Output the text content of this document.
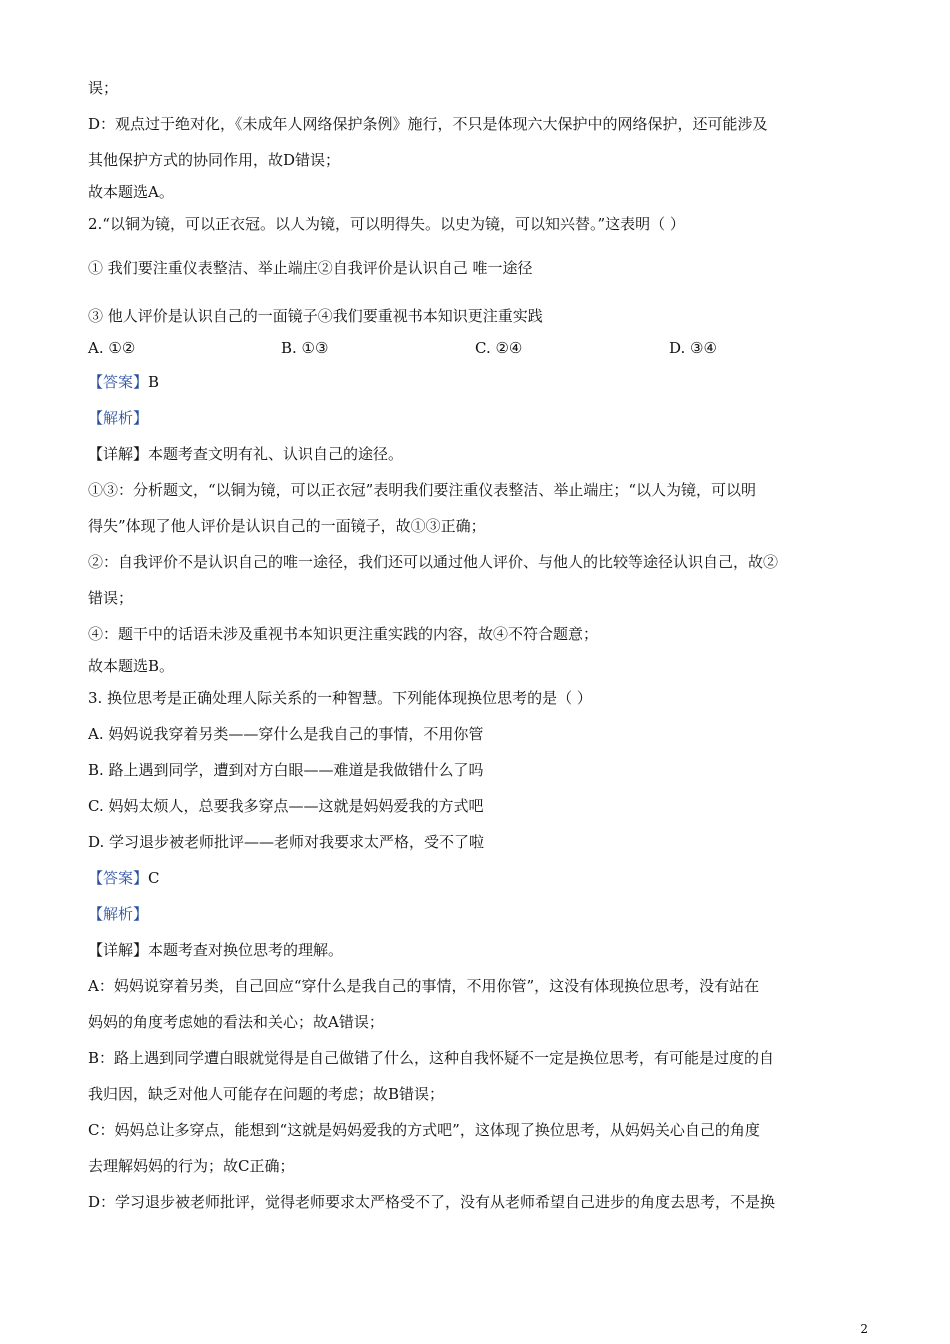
误；
D：观点过于绝对化，《未成年人网络保护条例》施行，不只是体现六大保护中的网络保护，还可能涉及
其他保护方式的协同作用，故D错误；
故本题选A。
2.“以铜为镜，可以正衣冠。以人为镜，可以明得失。以史为镜，可以知兴替。”这表明（ ）
① 我们要注重仪表整洁、举止端庄②自我评价是认识自己 唯一途径
③ 他人评价是认识自己的一面镜子④我们要重视书本知识更注重实践
A. ①②	B. ①③	C. ②④	D. ③④
【答案】B
【解析】
【详解】本题考查文明有礼、认识自己的途径。
①③：分析题文，“以铜为镜，可以正衣冠”表明我们要注重仪表整洁、举止端庄；“以人为镜，可以明
得失”体现了他人评价是认识自己的一面镜子，故①③正确；
②：自我评价不是认识自己的唯一途径，我们还可以通过他人评价、与他人的比较等途径认识自己，故②
错误；
④：题干中的话语未涉及重视书本知识更注重实践的内容，故④不符合题意；
故本题选B。
3. 换位思考是正确处理人际关系的一种智慧。下列能体现换位思考的是（ ）
A. 妈妈说我穿着另类——穿什么是我自己的事情，不用你管
B. 路上遇到同学，遭到对方白眼——难道是我做错什么了吗
C. 妈妈太烦人，总要我多穿点——这就是妈妈爱我的方式吧
D. 学习退步被老师批评——老师对我要求太严格，受不了啦
【答案】C
【解析】
【详解】本题考查对换位思考的理解。
A：妈妈说穿着另类，自己回应“穿什么是我自己的事情，不用你管”，这没有体现换位思考，没有站在
妈妈的角度考虑她的看法和关心；故A错误；
B：路上遇到同学遭白眼就觉得是自己做错了什么，这种自我怀疑不一定是换位思考，有可能是过度的自
我归因，缺乏对他人可能存在问题的考虑；故B错误；
C：妈妈总让多穿点，能想到“这就是妈妈爱我的方式吧”，这体现了换位思考，从妈妈关心自己的角度
去理解妈妈的行为；故C正确；
D：学习退步被老师批评，觉得老师要求太严格受不了，没有从老师希望自己进步的角度去思考，不是换
2
